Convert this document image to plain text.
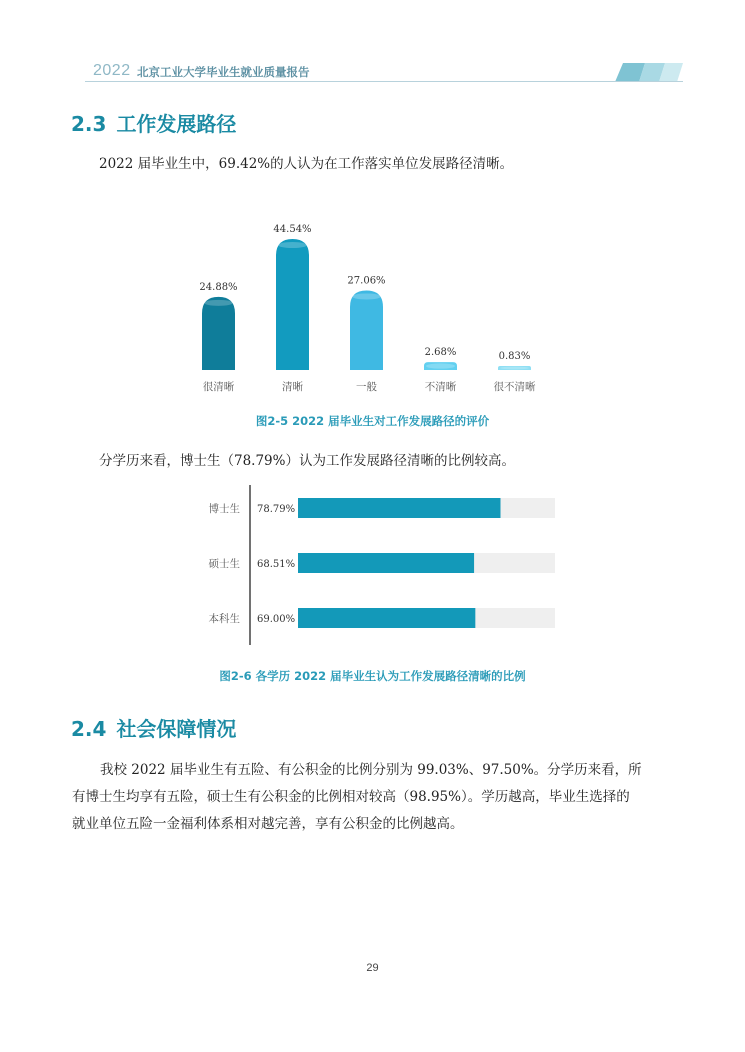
2022 北京工业大学毕业生就业质量报告
2.3 工作发展路径
2022 届毕业生中，69.42%的人认为在工作落实单位发展路径清晰。
24.88%
很清晰
44.54%
清晰
27.06%
一般
2.68%
不清晰
0.83%
很不清晰
图2-5 2022 届毕业生对工作发展路径的评价
分学历来看，博士生（78.79%）认为工作发展路径清晰的比例较高。
博士生 78.79%
硕士生 68.51%
本科生 69.00%
图2-6 各学历 2022 届毕业生认为工作发展路径清晰的比例
2.4 社会保障情况
我校 2022 届毕业生有五险、有公积金的比例分别为 99.03%、97.50%。分学历来看，所
有博士生均享有五险，硕士生有公积金的比例相对较高（98.95%）。学历越高，毕业生选择的
就业单位五险一金福利体系相对越完善，享有公积金的比例越高。
29
